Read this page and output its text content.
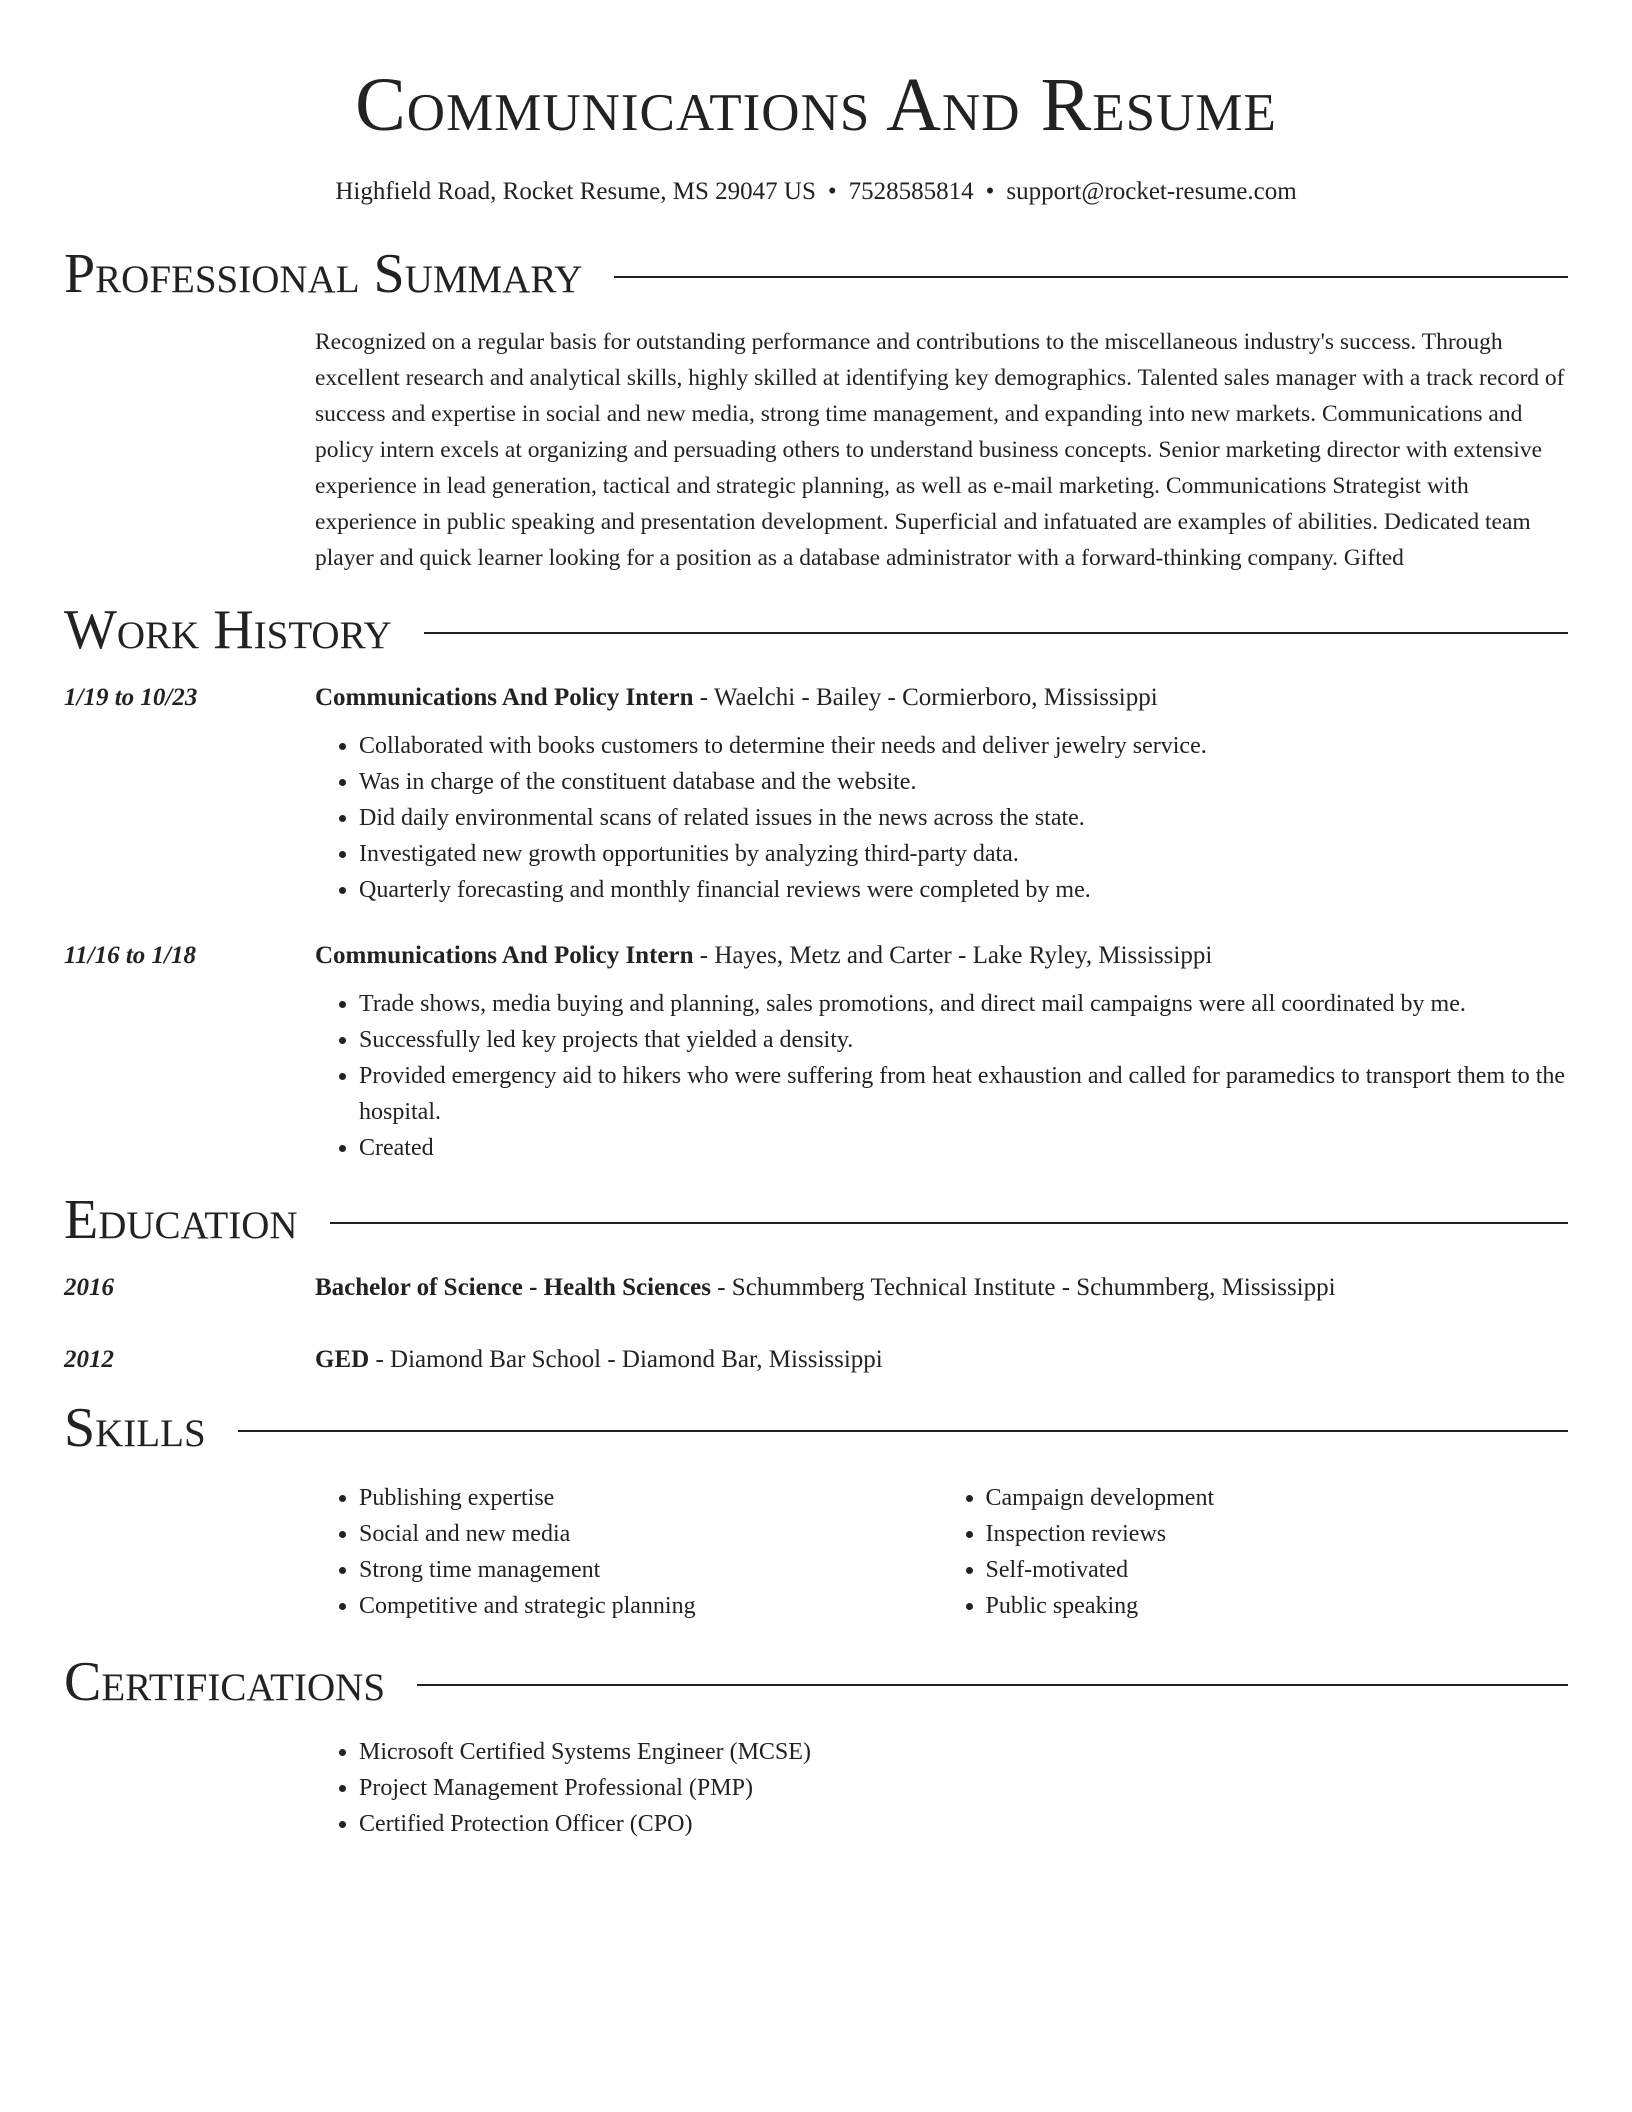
Communications And Resume
Highfield Road, Rocket Resume, MS 29047 US • 7528585814 • support@rocket-resume.com
Professional Summary
Recognized on a regular basis for outstanding performance and contributions to the miscellaneous industry's success. Through excellent research and analytical skills, highly skilled at identifying key demographics. Talented sales manager with a track record of success and expertise in social and new media, strong time management, and expanding into new markets. Communications and policy intern excels at organizing and persuading others to understand business concepts. Senior marketing director with extensive experience in lead generation, tactical and strategic planning, as well as e-mail marketing. Communications Strategist with experience in public speaking and presentation development. Superficial and infatuated are examples of abilities. Dedicated team player and quick learner looking for a position as a database administrator with a forward-thinking company. Gifted
Work History
1/19 to 10/23	Communications And Policy Intern - Waelchi - Bailey - Cormierboro, Mississippi
• Collaborated with books customers to determine their needs and deliver jewelry service.
• Was in charge of the constituent database and the website.
• Did daily environmental scans of related issues in the news across the state.
• Investigated new growth opportunities by analyzing third-party data.
• Quarterly forecasting and monthly financial reviews were completed by me.
11/16 to 1/18	Communications And Policy Intern - Hayes, Metz and Carter - Lake Ryley, Mississippi
• Trade shows, media buying and planning, sales promotions, and direct mail campaigns were all coordinated by me.
• Successfully led key projects that yielded a density.
• Provided emergency aid to hikers who were suffering from heat exhaustion and called for paramedics to transport them to the hospital.
• Created
Education
2016	Bachelor of Science - Health Sciences - Schummberg Technical Institute - Schummberg, Mississippi
2012	GED - Diamond Bar School - Diamond Bar, Mississippi
Skills
• Publishing expertise
• Social and new media
• Strong time management
• Competitive and strategic planning
• Campaign development
• Inspection reviews
• Self-motivated
• Public speaking
Certifications
• Microsoft Certified Systems Engineer (MCSE)
• Project Management Professional (PMP)
• Certified Protection Officer (CPO)
